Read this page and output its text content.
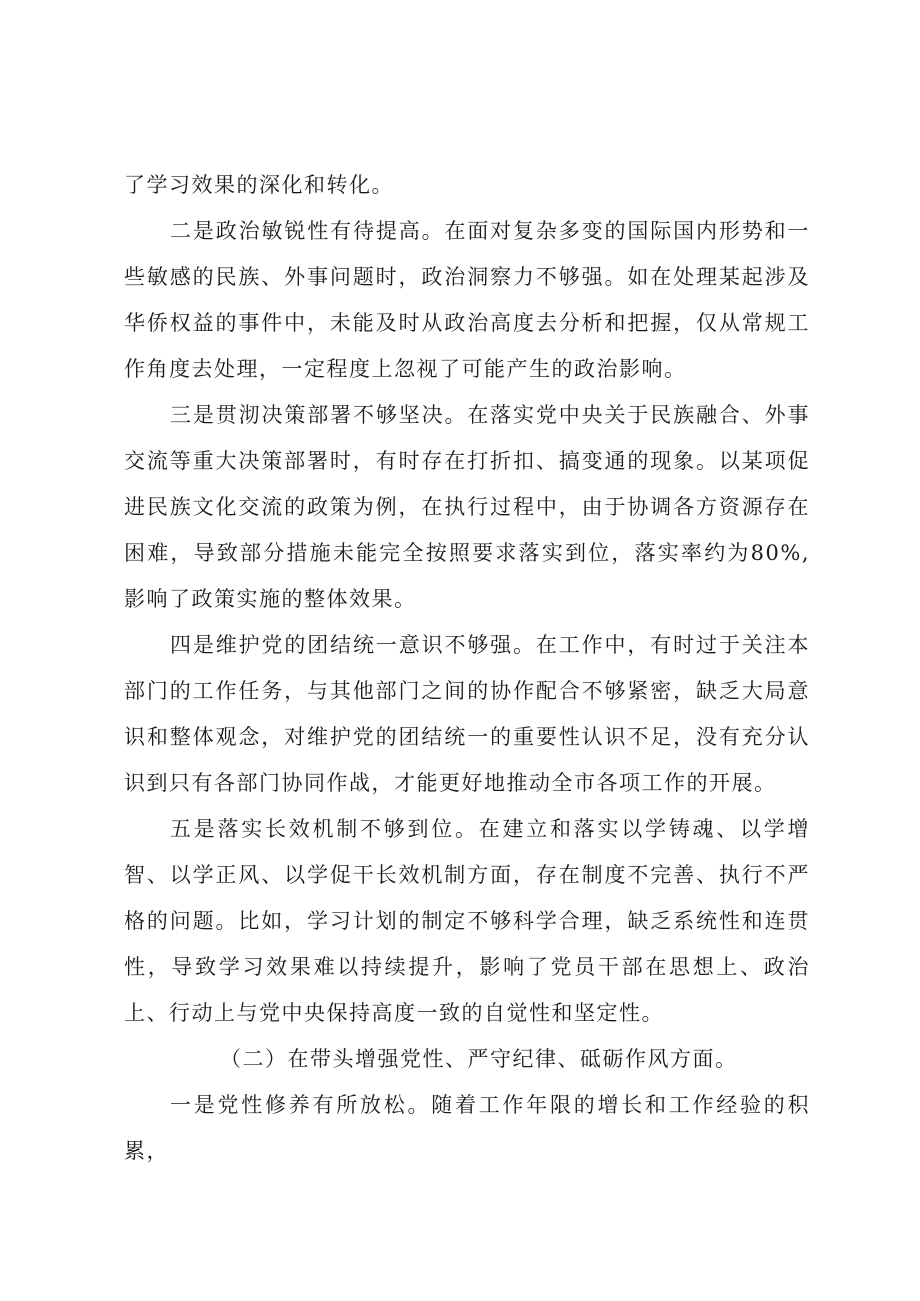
了学习效果的深化和转化。

二是政治敏锐性有待提高。在面对复杂多变的国际国内形势和一些敏感的民族、外事问题时，政治洞察力不够强。如在处理某起涉及华侨权益的事件中，未能及时从政治高度去分析和把握，仅从常规工作角度去处理，一定程度上忽视了可能产生的政治影响。

三是贯沏决策部署不够坚决。在落实党中央关于民族融合、外事交流等重大决策部署时，有时存在打折扣、搞变通的现象。以某项促进民族文化交流的政策为例，在执行过程中，由于协调各方资源存在困难，导致部分措施未能完全按照要求落实到位，落实率约为80%,影响了政策实施的整体效果。

四是维护党的团结统一意识不够强。在工作中，有时过于关注本部门的工作任务，与其他部门之间的协作配合不够紧密，缺乏大局意识和整体观念，对维护党的团结统一的重要性认识不足，没有充分认识到只有各部门协同作战，才能更好地推动全市各项工作的开展。

五是落实长效机制不够到位。在建立和落实以学铸魂、以学增智、以学正风、以学促干长效机制方面，存在制度不完善、执行不严格的问题。比如，学习计划的制定不够科学合理，缺乏系统性和连贯性，导致学习效果难以持续提升，影响了党员干部在思想上、政治上、行动上与党中央保持高度一致的自觉性和坚定性。

（二）在带头增强党性、严守纪律、砥砺作风方面。

一是党性修养有所放松。随着工作年限的增长和工作经验的积累，
